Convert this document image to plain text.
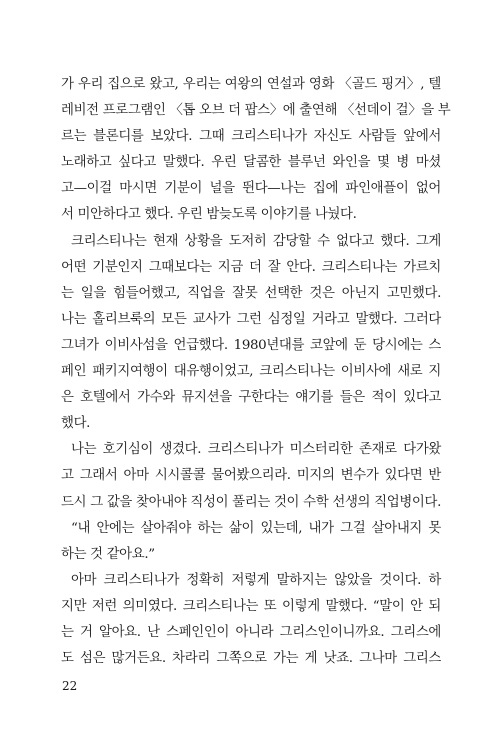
가 우리 집으로 왔고, 우리는 여왕의 연설과 영화 〈골드 핑거〉, 텔
레비전 프로그램인 〈톱 오브 더 팝스〉에 출연해 〈선데이 걸〉을 부
르는 블론디를 보았다. 그때 크리스티나가 자신도 사람들 앞에서
노래하고 싶다고 말했다. 우린 달콤한 블루넌 와인을 몇 병 마셨
고—이걸 마시면 기분이 널을 뛴다—나는 집에 파인애플이 없어
서 미안하다고 했다. 우린 밤늦도록 이야기를 나눴다.
크리스티나는 현재 상황을 도저히 감당할 수 없다고 했다. 그게
어떤 기분인지 그때보다는 지금 더 잘 안다. 크리스티나는 가르치
는 일을 힘들어했고, 직업을 잘못 선택한 것은 아닌지 고민했다.
나는 홀리브룩의 모든 교사가 그런 심정일 거라고 말했다. 그러다
그녀가 이비사섬을 언급했다. 1980년대를 코앞에 둔 당시에는 스
페인 패키지여행이 대유행이었고, 크리스티나는 이비사에 새로 지
은 호텔에서 가수와 뮤지션을 구한다는 얘기를 들은 적이 있다고
했다.
나는 호기심이 생겼다. 크리스티나가 미스터리한 존재로 다가왔
고 그래서 아마 시시콜콜 물어봤으리라. 미지의 변수가 있다면 반
드시 그 값을 찾아내야 직성이 풀리는 것이 수학 선생의 직업병이다.
“내 안에는 살아줘야 하는 삶이 있는데, 내가 그걸 살아내지 못
하는 것 같아요.”
아마 크리스티나가 정확히 저렇게 말하지는 않았을 것이다. 하
지만 저런 의미였다. 크리스티나는 또 이렇게 말했다. “말이 안 되
는 거 알아요. 난 스페인인이 아니라 그리스인이니까요. 그리스에
도 섬은 많거든요. 차라리 그쪽으로 가는 게 낫죠. 그나마 그리스
22
